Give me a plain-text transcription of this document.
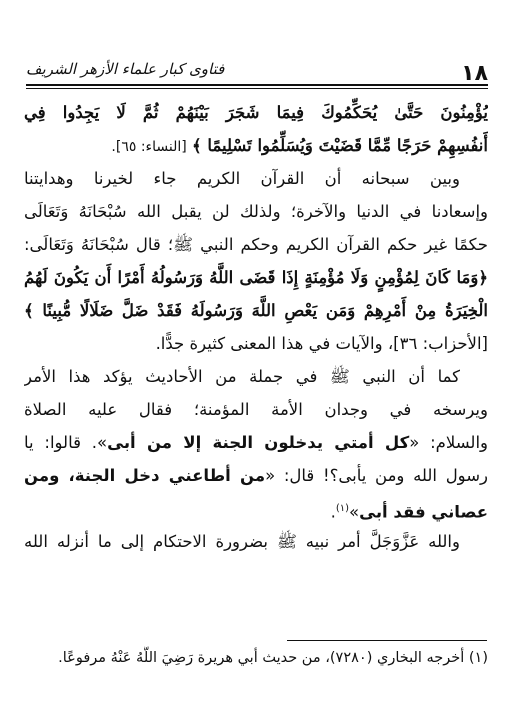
١٨
فتاوى كبار علماء الأزهر الشريف
يُؤْمِنُونَ حَتَّىٰ يُحَكِّمُوكَ فِيمَا شَجَرَ بَيْنَهُمْ ثُمَّ لَا يَجِدُوا فِي
أَنفُسِهِمْ حَرَجًا مِّمَّا قَضَيْتَ وَيُسَلِّمُوا تَسْلِيمًا ﴾ [النساء: ٦٥].
وبين سبحانه أن القرآن الكريم جاء لخيرنا وهدايتنا
وإسعادنا في الدنيا والآخرة؛ ولذلك لن يقبل الله سُبْحَانَهُ وَتَعَالَى
حكمًا غير حكم القرآن الكريم وحكم النبي ﷺ؛ قال سُبْحَانَهُ وَتَعَالَى:
﴿وَمَا كَانَ لِمُؤْمِنٍ وَلَا مُؤْمِنَةٍ إِذَا قَضَى اللَّهُ وَرَسُولُهُ أَمْرًا أَن يَكُونَ لَهُمُ
الْخِيَرَةُ مِنْ أَمْرِهِمْ وَمَن يَعْصِ اللَّهَ وَرَسُولَهُ فَقَدْ ضَلَّ ضَلَالًا مُّبِينًا ﴾
[الأحزاب: ٣٦]، والآيات في هذا المعنى كثيرة جدًّا.
كما أن النبي ﷺ في جملة من الأحاديث يؤكد هذا الأمر
ويرسخه في وجدان الأمة المؤمنة؛ فقال عليه الصلاة
والسلام: «كل أمتي يدخلون الجنة إلا من أبى». قالوا: يا
رسول الله ومن يأبى؟! قال: «من أطاعني دخل الجنة، ومن
عصاني فقد أبى»$^{(١)}$.
والله عَزَّوَجَلَّ أمر نبيه ﷺ بضرورة الاحتكام إلى ما أنزله الله
(١) أخرجه البخاري (٧٢٨٠)، من حديث أبي هريرة رَضِيَ اللَّهُ عَنْهُ مرفوعًا.
